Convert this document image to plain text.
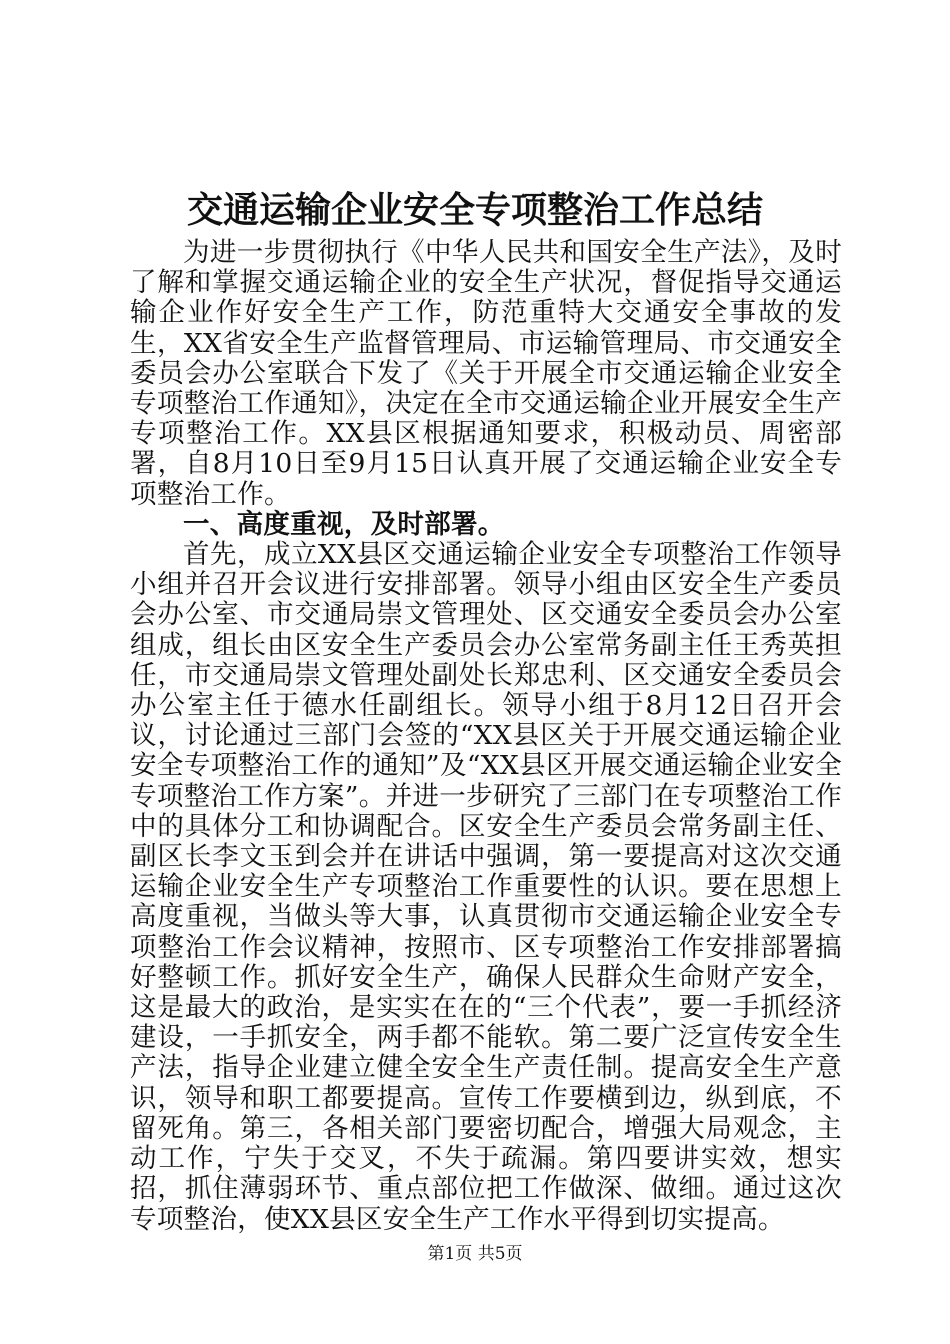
交通运输企业安全专项整治工作总结

为进一步贯彻执行《中华人民共和国安全生产法》，及时了解和掌握交通运输企业的安全生产状况，督促指导交通运输企业作好安全生产工作，防范重特大交通安全事故的发生，XX省安全生产监督管理局、市运输管理局、市交通安全委员会办公室联合下发了《关于开展全市交通运输企业安全专项整治工作通知》，决定在全市交通运输企业开展安全生产专项整治工作。XX县区根据通知要求，积极动员、周密部署，自8月10日至9月15日认真开展了交通运输企业安全专项整治工作。

一、高度重视，及时部署。

首先，成立XX县区交通运输企业安全专项整治工作领导小组并召开会议进行安排部署。领导小组由区安全生产委员会办公室、市交通局崇文管理处、区交通安全委员会办公室组成，组长由区安全生产委员会办公室常务副主任王秀英担任，市交通局崇文管理处副处长郑忠利、区交通安全委员会办公室主任于德水任副组长。领导小组于8月12日召开会议，讨论通过三部门会签的“XX县区关于开展交通运输企业安全专项整治工作的通知”及“XX县区开展交通运输企业安全专项整治工作方案”。并进一步研究了三部门在专项整治工作中的具体分工和协调配合。区安全生产委员会常务副主任、副区长李文玉到会并在讲话中强调，第一要提高对这次交通运输企业安全生产专项整治工作重要性的认识。要在思想上高度重视，当做头等大事，认真贯彻市交通运输企业安全专项整治工作会议精神，按照市、区专项整治工作安排部署搞好整顿工作。抓好安全生产，确保人民群众生命财产安全，这是最大的政治，是实实在在的“三个代表”，要一手抓经济建设，一手抓安全，两手都不能软。第二要广泛宣传安全生产法，指导企业建立健全安全生产责任制。提高安全生产意识，领导和职工都要提高。宣传工作要横到边，纵到底，不留死角。第三，各相关部门要密切配合，增强大局观念，主动工作，宁失于交叉，不失于疏漏。第四要讲实效，想实招，抓住薄弱环节、重点部位把工作做深、做细。通过这次专项整治，使XX县区安全生产工作水平得到切实提高。

第1页 共5页
